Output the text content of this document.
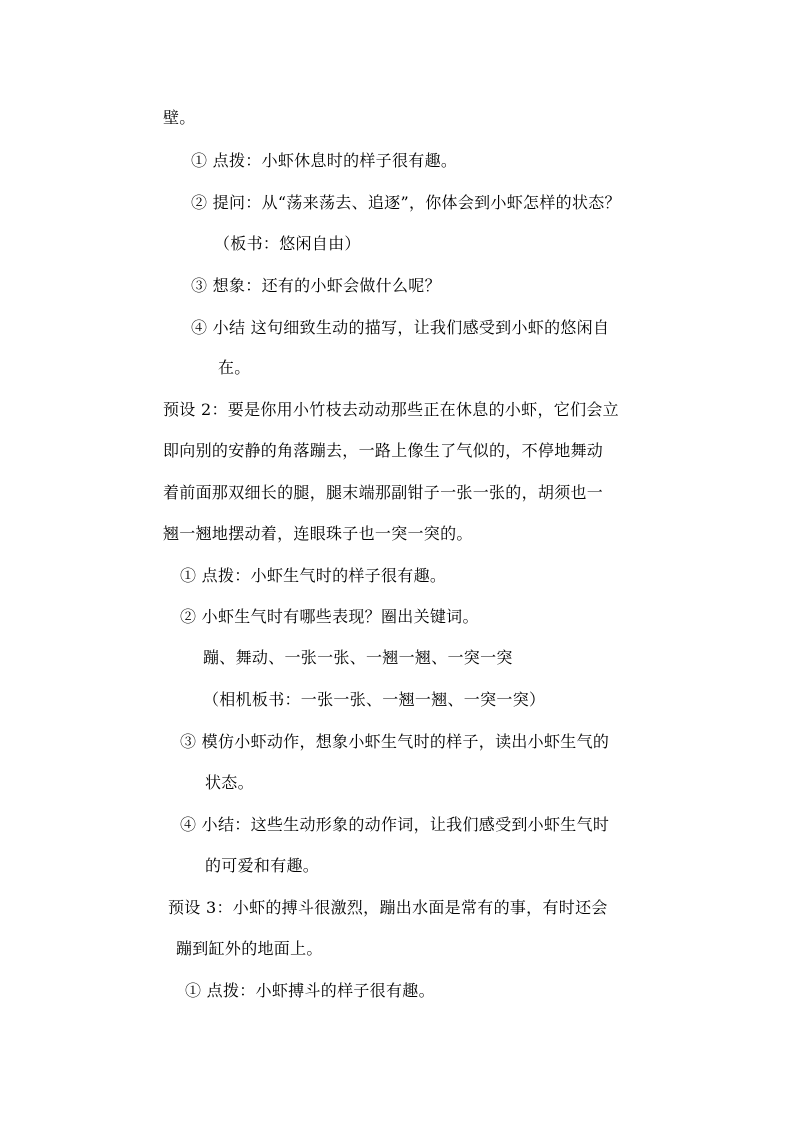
壁。
① 点拨：小虾休息时的样子很有趣。
② 提问：从“荡来荡去、追逐”，你体会到小虾怎样的状态？
（板书：悠闲自由）
③ 想象：还有的小虾会做什么呢？
④ 小结 这句细致生动的描写，让我们感受到小虾的悠闲自
在。
预设 2：要是你用小竹枝去动动那些正在休息的小虾，它们会立
即向别的安静的角落蹦去，一路上像生了气似的，不停地舞动
着前面那双细长的腿，腿末端那副钳子一张一张的，胡须也一
翘一翘地摆动着，连眼珠子也一突一突的。
① 点拨：小虾生气时的样子很有趣。
② 小虾生气时有哪些表现？圈出关键词。
蹦、舞动、一张一张、一翘一翘、一突一突
（相机板书：一张一张、一翘一翘、一突一突）
③ 模仿小虾动作，想象小虾生气时的样子，读出小虾生气的
状态。
④ 小结：这些生动形象的动作词，让我们感受到小虾生气时
的可爱和有趣。
预设 3：小虾的搏斗很激烈，蹦出水面是常有的事，有时还会
蹦到缸外的地面上。
① 点拨：小虾搏斗的样子很有趣。
